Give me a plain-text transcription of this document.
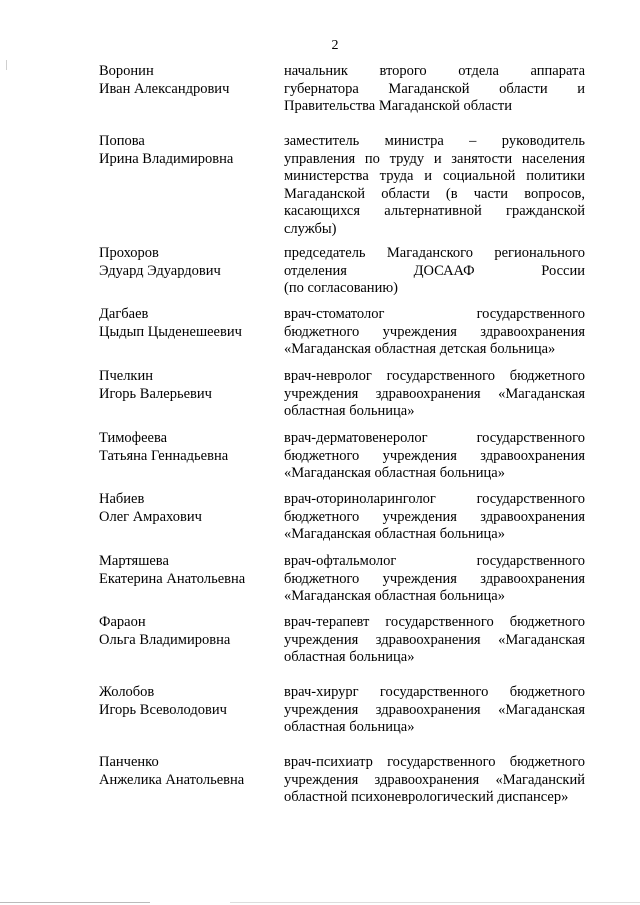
2
Воронин
Иван Александрович
начальник второго отдела аппарата
губернатора Магаданской области и
Правительства Магаданской области
Попова
Ирина Владимировна
заместитель министра – руководитель
управления по труду и занятости населения
министерства труда и социальной политики
Магаданской области (в части вопросов,
касающихся альтернативной гражданской
службы)
Прохоров
Эдуард Эдуардович
председатель Магаданского регионального
отделения ДОСААФ России
(по согласованию)
Дагбаев
Цыдып Цыденешеевич
врач-стоматолог государственного
бюджетного учреждения здравоохранения
«Магаданская областная детская больница»
Пчелкин
Игорь Валерьевич
врач-невролог государственного бюджетного
учреждения здравоохранения «Магаданская
областная больница»
Тимофеева
Татьяна Геннадьевна
врач-дерматовенеролог государственного
бюджетного учреждения здравоохранения
«Магаданская областная больница»
Набиев
Олег Амрахович
врач-оториноларинголог государственного
бюджетного учреждения здравоохранения
«Магаданская областная больница»
Мартяшева
Екатерина Анатольевна
врач-офтальмолог государственного
бюджетного учреждения здравоохранения
«Магаданская областная больница»
Фараон
Ольга Владимировна
врач-терапевт государственного бюджетного
учреждения здравоохранения «Магаданская
областная больница»
Жолобов
Игорь Всеволодович
врач-хирург государственного бюджетного
учреждения здравоохранения «Магаданская
областная больница»
Панченко
Анжелика Анатольевна
врач-психиатр государственного бюджетного
учреждения здравоохранения «Магаданский
областной психоневрологический диспансер»
